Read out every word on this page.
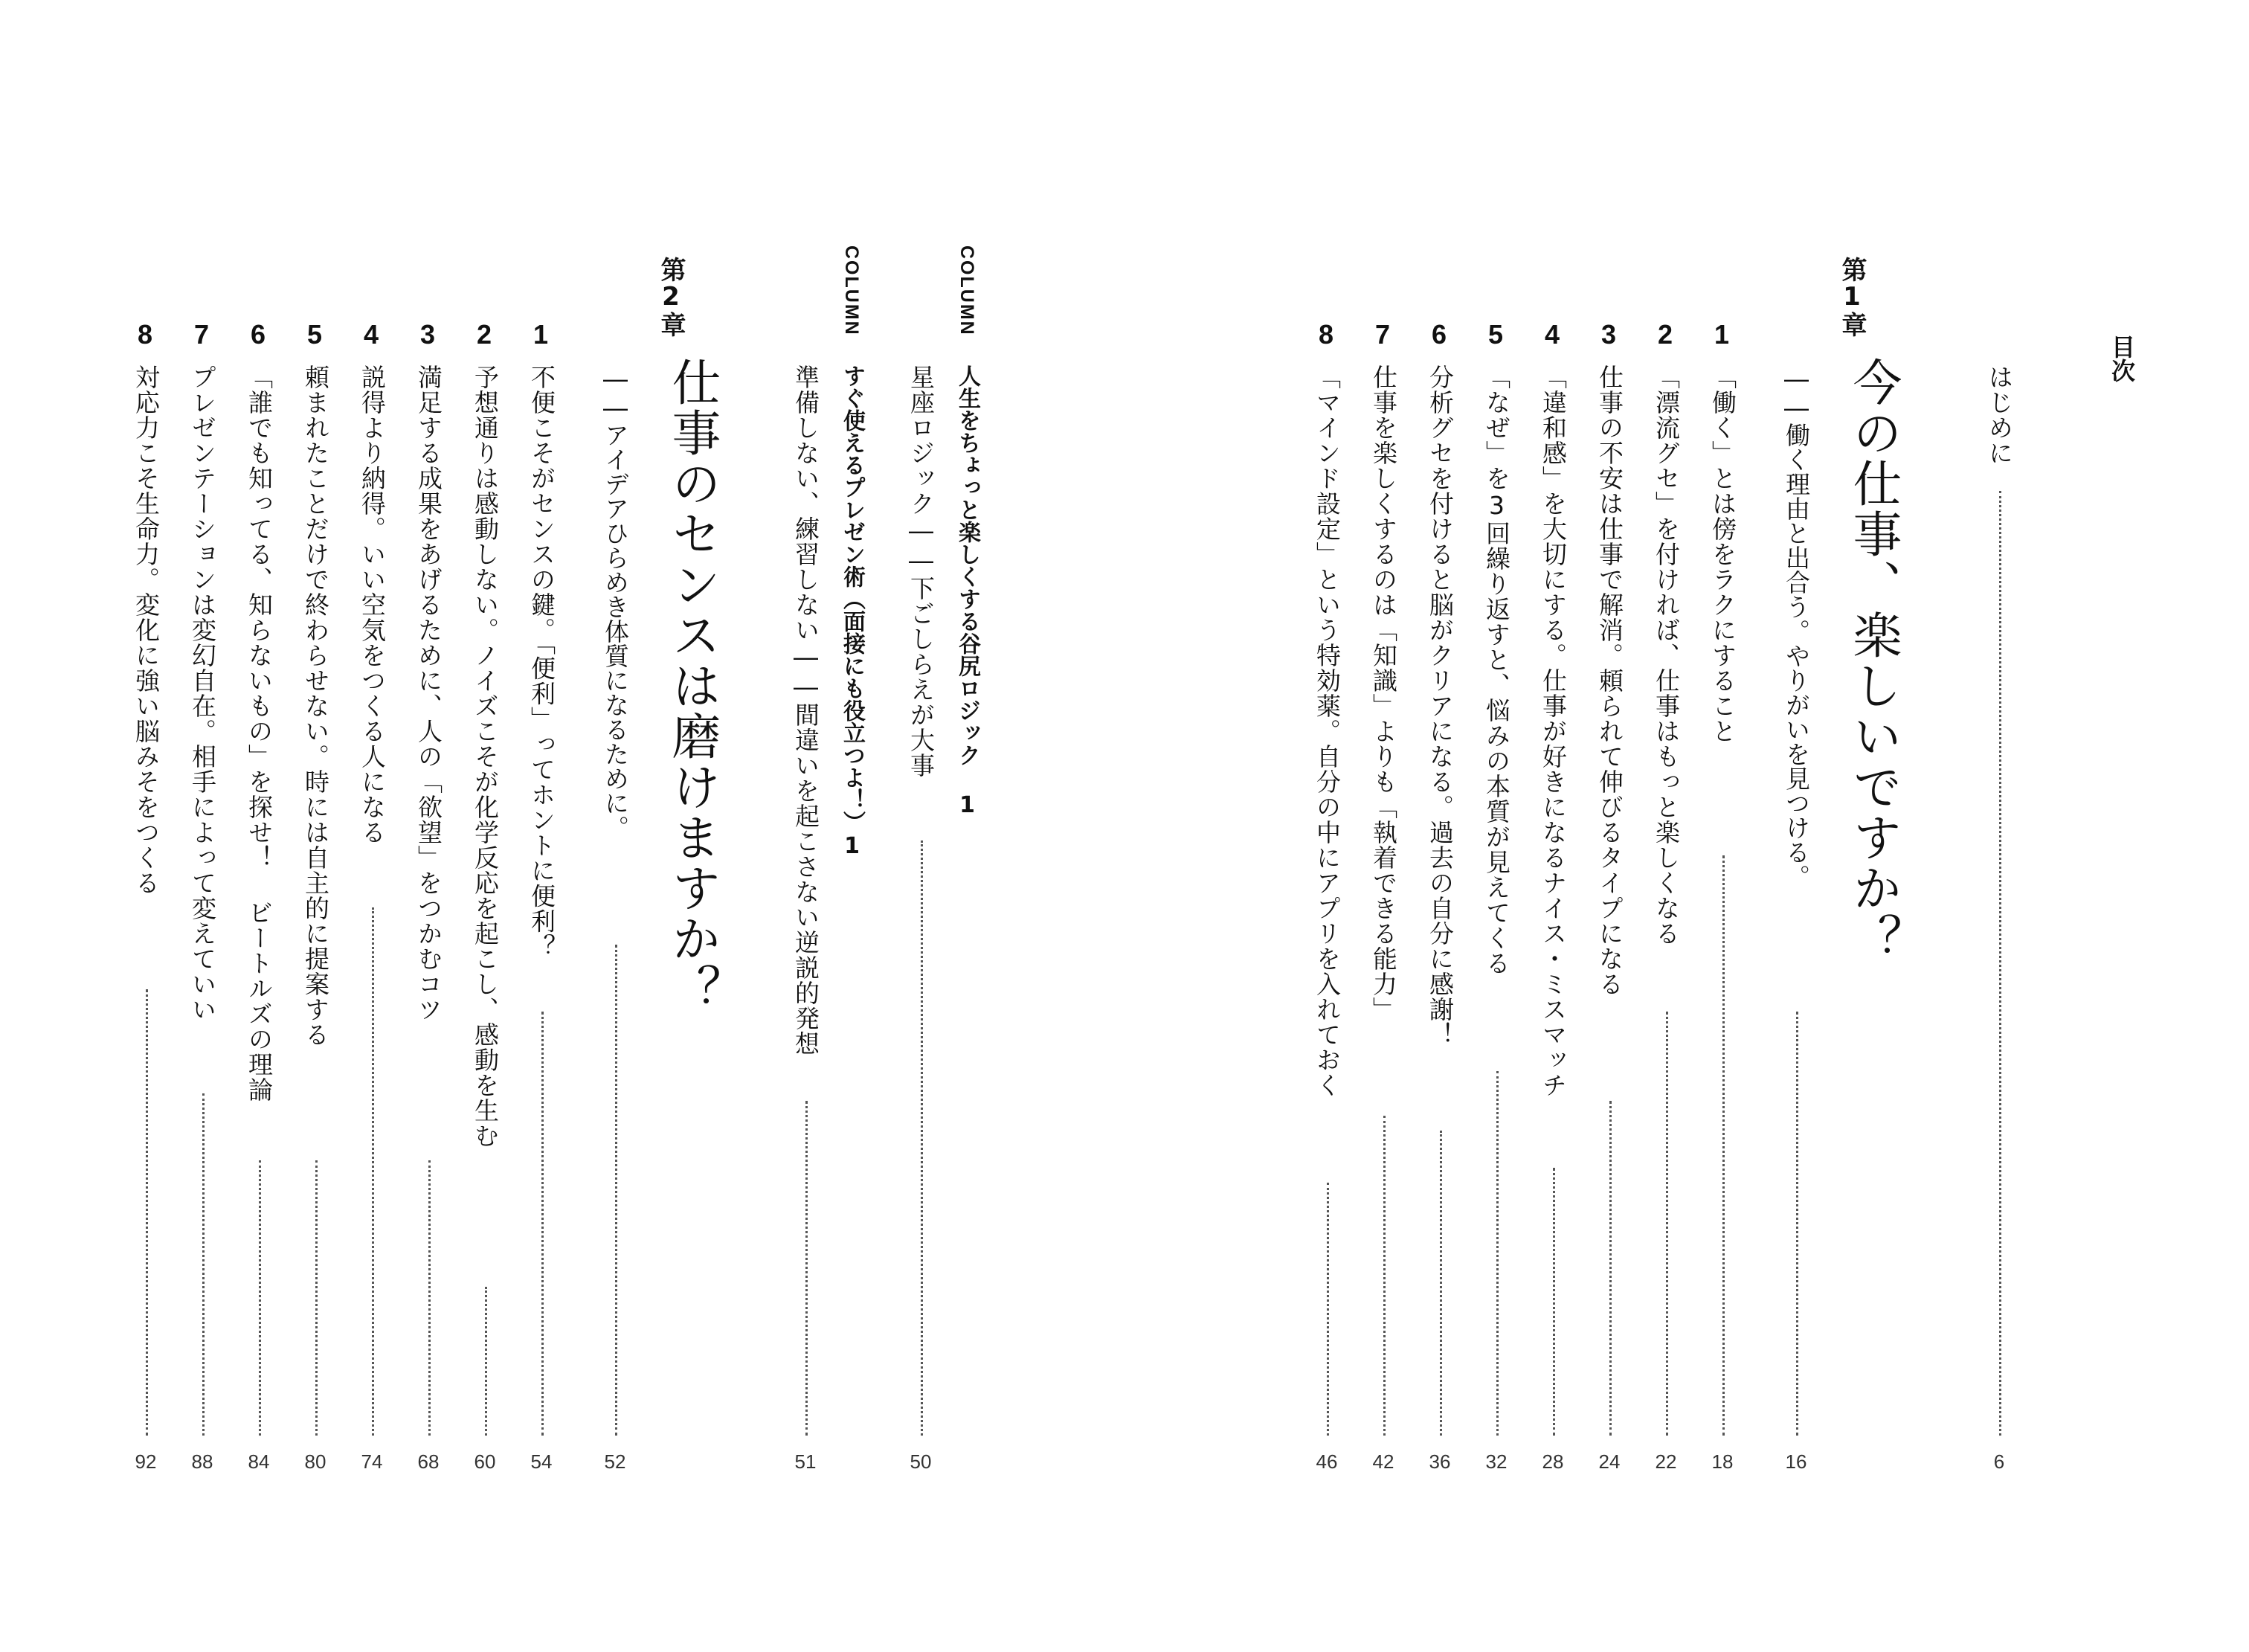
目次
はじめに
6
第1章
今の仕事、楽しいですか？
――働く理由と出合う。やりがいを見つける。
16
1
「働く」とは傍をラクにすること
18
2
「漂流グセ」を付ければ、仕事はもっと楽しくなる
22
3
仕事の不安は仕事で解消。頼られて伸びるタイプになる
24
4
「違和感」を大切にする。仕事が好きになるナイス・ミスマッチ
28
5
「なぜ」を3回繰り返すと、悩みの本質が見えてくる
32
6
分析グセを付けると脳がクリアになる。過去の自分に感謝！
36
7
仕事を楽しくするのは「知識」よりも「執着できる能力」
42
8
「マインド設定」という特効薬。自分の中にアプリを入れておく
46
COLUMN
人生をちょっと楽しくする谷尻ロジック 1
星座ロジック――下ごしらえが大事
50
COLUMN
すぐ使えるプレゼン術（面接にも役立つよ！）1
準備しない、練習しない――間違いを起こさない逆説的発想
51
第2章
仕事のセンスは磨けますか？
――アイデアひらめき体質になるために。
52
1
不便こそがセンスの鍵。「便利」ってホントに便利？
54
2
予想通りは感動しない。ノイズこそが化学反応を起こし、感動を生む
60
3
満足する成果をあげるために、人の「欲望」をつかむコツ
68
4
説得より納得。いい空気をつくる人になる
74
5
頼まれたことだけで終わらせない。時には自主的に提案する
80
6
「誰でも知ってる、知らないもの」を探せ！ ビートルズの理論
84
7
プレゼンテーションは変幻自在。相手によって変えていい
88
8
対応力こそ生命力。変化に強い脳みそをつくる
92
